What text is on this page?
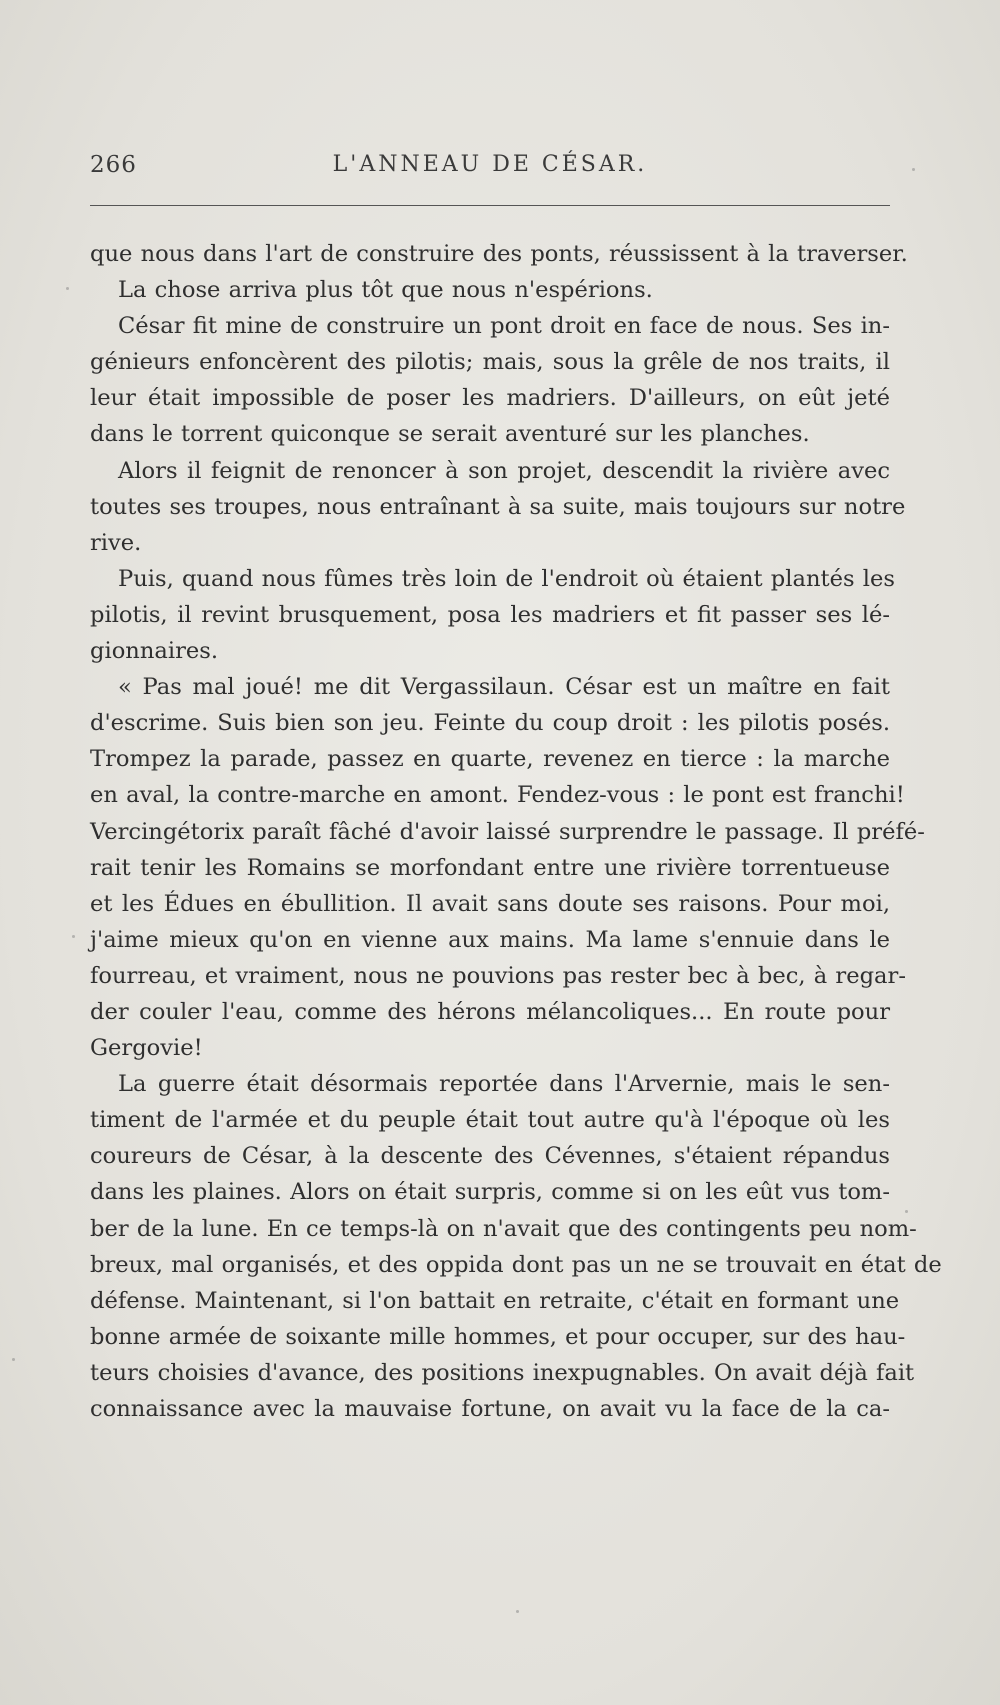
266	L'ANNEAU DE CÉSAR.
que nous dans l'art de construire des ponts, réussissent à la traverser.
La chose arriva plus tôt que nous n'espérions.
César fit mine de construire un pont droit en face de nous. Ses in-
génieurs enfoncèrent des pilotis; mais, sous la grêle de nos traits, il
leur était impossible de poser les madriers. D'ailleurs, on eût jeté
dans le torrent quiconque se serait aventuré sur les planches.
Alors il feignit de renoncer à son projet, descendit la rivière avec
toutes ses troupes, nous entraînant à sa suite, mais toujours sur notre
rive.
Puis, quand nous fûmes très loin de l'endroit où étaient plantés les
pilotis, il revint brusquement, posa les madriers et fit passer ses lé-
gionnaires.
« Pas mal joué! me dit Vergassilaun. César est un maître en fait
d'escrime. Suis bien son jeu. Feinte du coup droit : les pilotis posés.
Trompez la parade, passez en quarte, revenez en tierce : la marche
en aval, la contre-marche en amont. Fendez-vous : le pont est franchi!
Vercingétorix paraît fâché d'avoir laissé surprendre le passage. Il préfé-
rait tenir les Romains se morfondant entre une rivière torrentueuse
et les Édues en ébullition. Il avait sans doute ses raisons. Pour moi,
j'aime mieux qu'on en vienne aux mains. Ma lame s'ennuie dans le
fourreau, et vraiment, nous ne pouvions pas rester bec à bec, à regar-
der couler l'eau, comme des hérons mélancoliques... En route pour
Gergovie!
La guerre était désormais reportée dans l'Arvernie, mais le sen-
timent de l'armée et du peuple était tout autre qu'à l'époque où les
coureurs de César, à la descente des Cévennes, s'étaient répandus
dans les plaines. Alors on était surpris, comme si on les eût vus tom-
ber de la lune. En ce temps-là on n'avait que des contingents peu nom-
breux, mal organisés, et des oppida dont pas un ne se trouvait en état de
défense. Maintenant, si l'on battait en retraite, c'était en formant une
bonne armée de soixante mille hommes, et pour occuper, sur des hau-
teurs choisies d'avance, des positions inexpugnables. On avait déjà fait
connaissance avec la mauvaise fortune, on avait vu la face de la ca-
